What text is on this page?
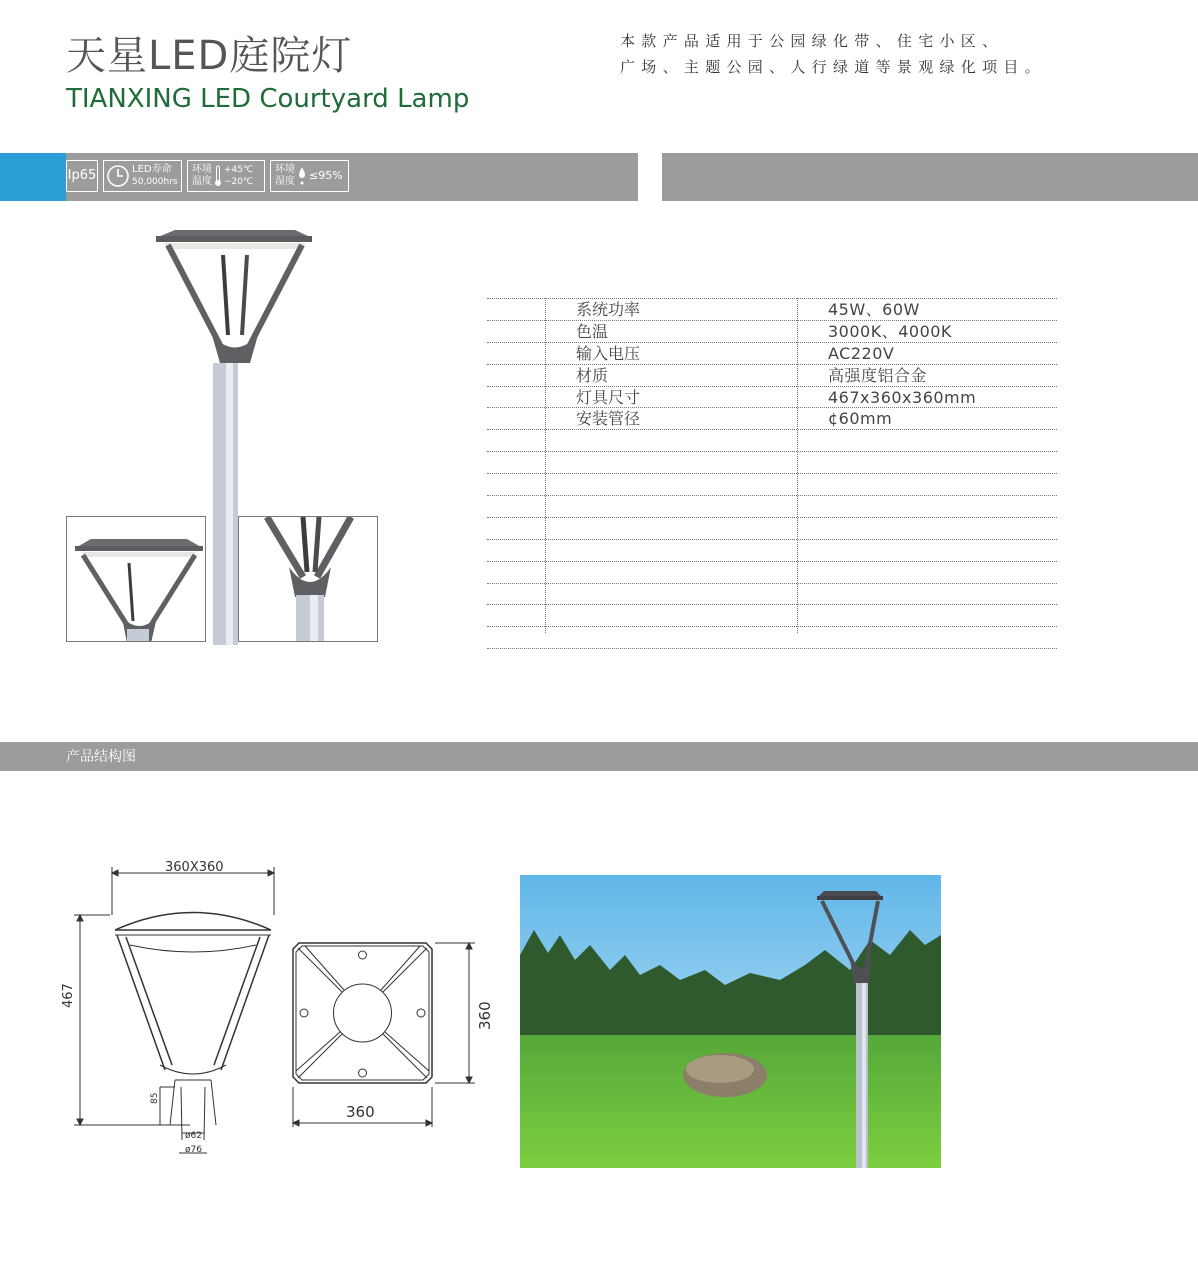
天星LED庭院灯
TIANXING LED Courtyard Lamp
本款产品适用于公园绿化带、住宅小区、
广场、主题公园、人行绿道等景观绿化项目。
Ip65	LED寿命
50,000hrs
环境
温度
+45℃
−20℃
环境
湿度 ≤95%
系统功率	45W、60W
色温	3000K、4000K
输入电压	AC220V
材质	高强度铝合金
灯具尺寸	467x360x360mm
安装管径	¢60mm
产品结构图
360X360
467
85
ø62
ø76
360
360
